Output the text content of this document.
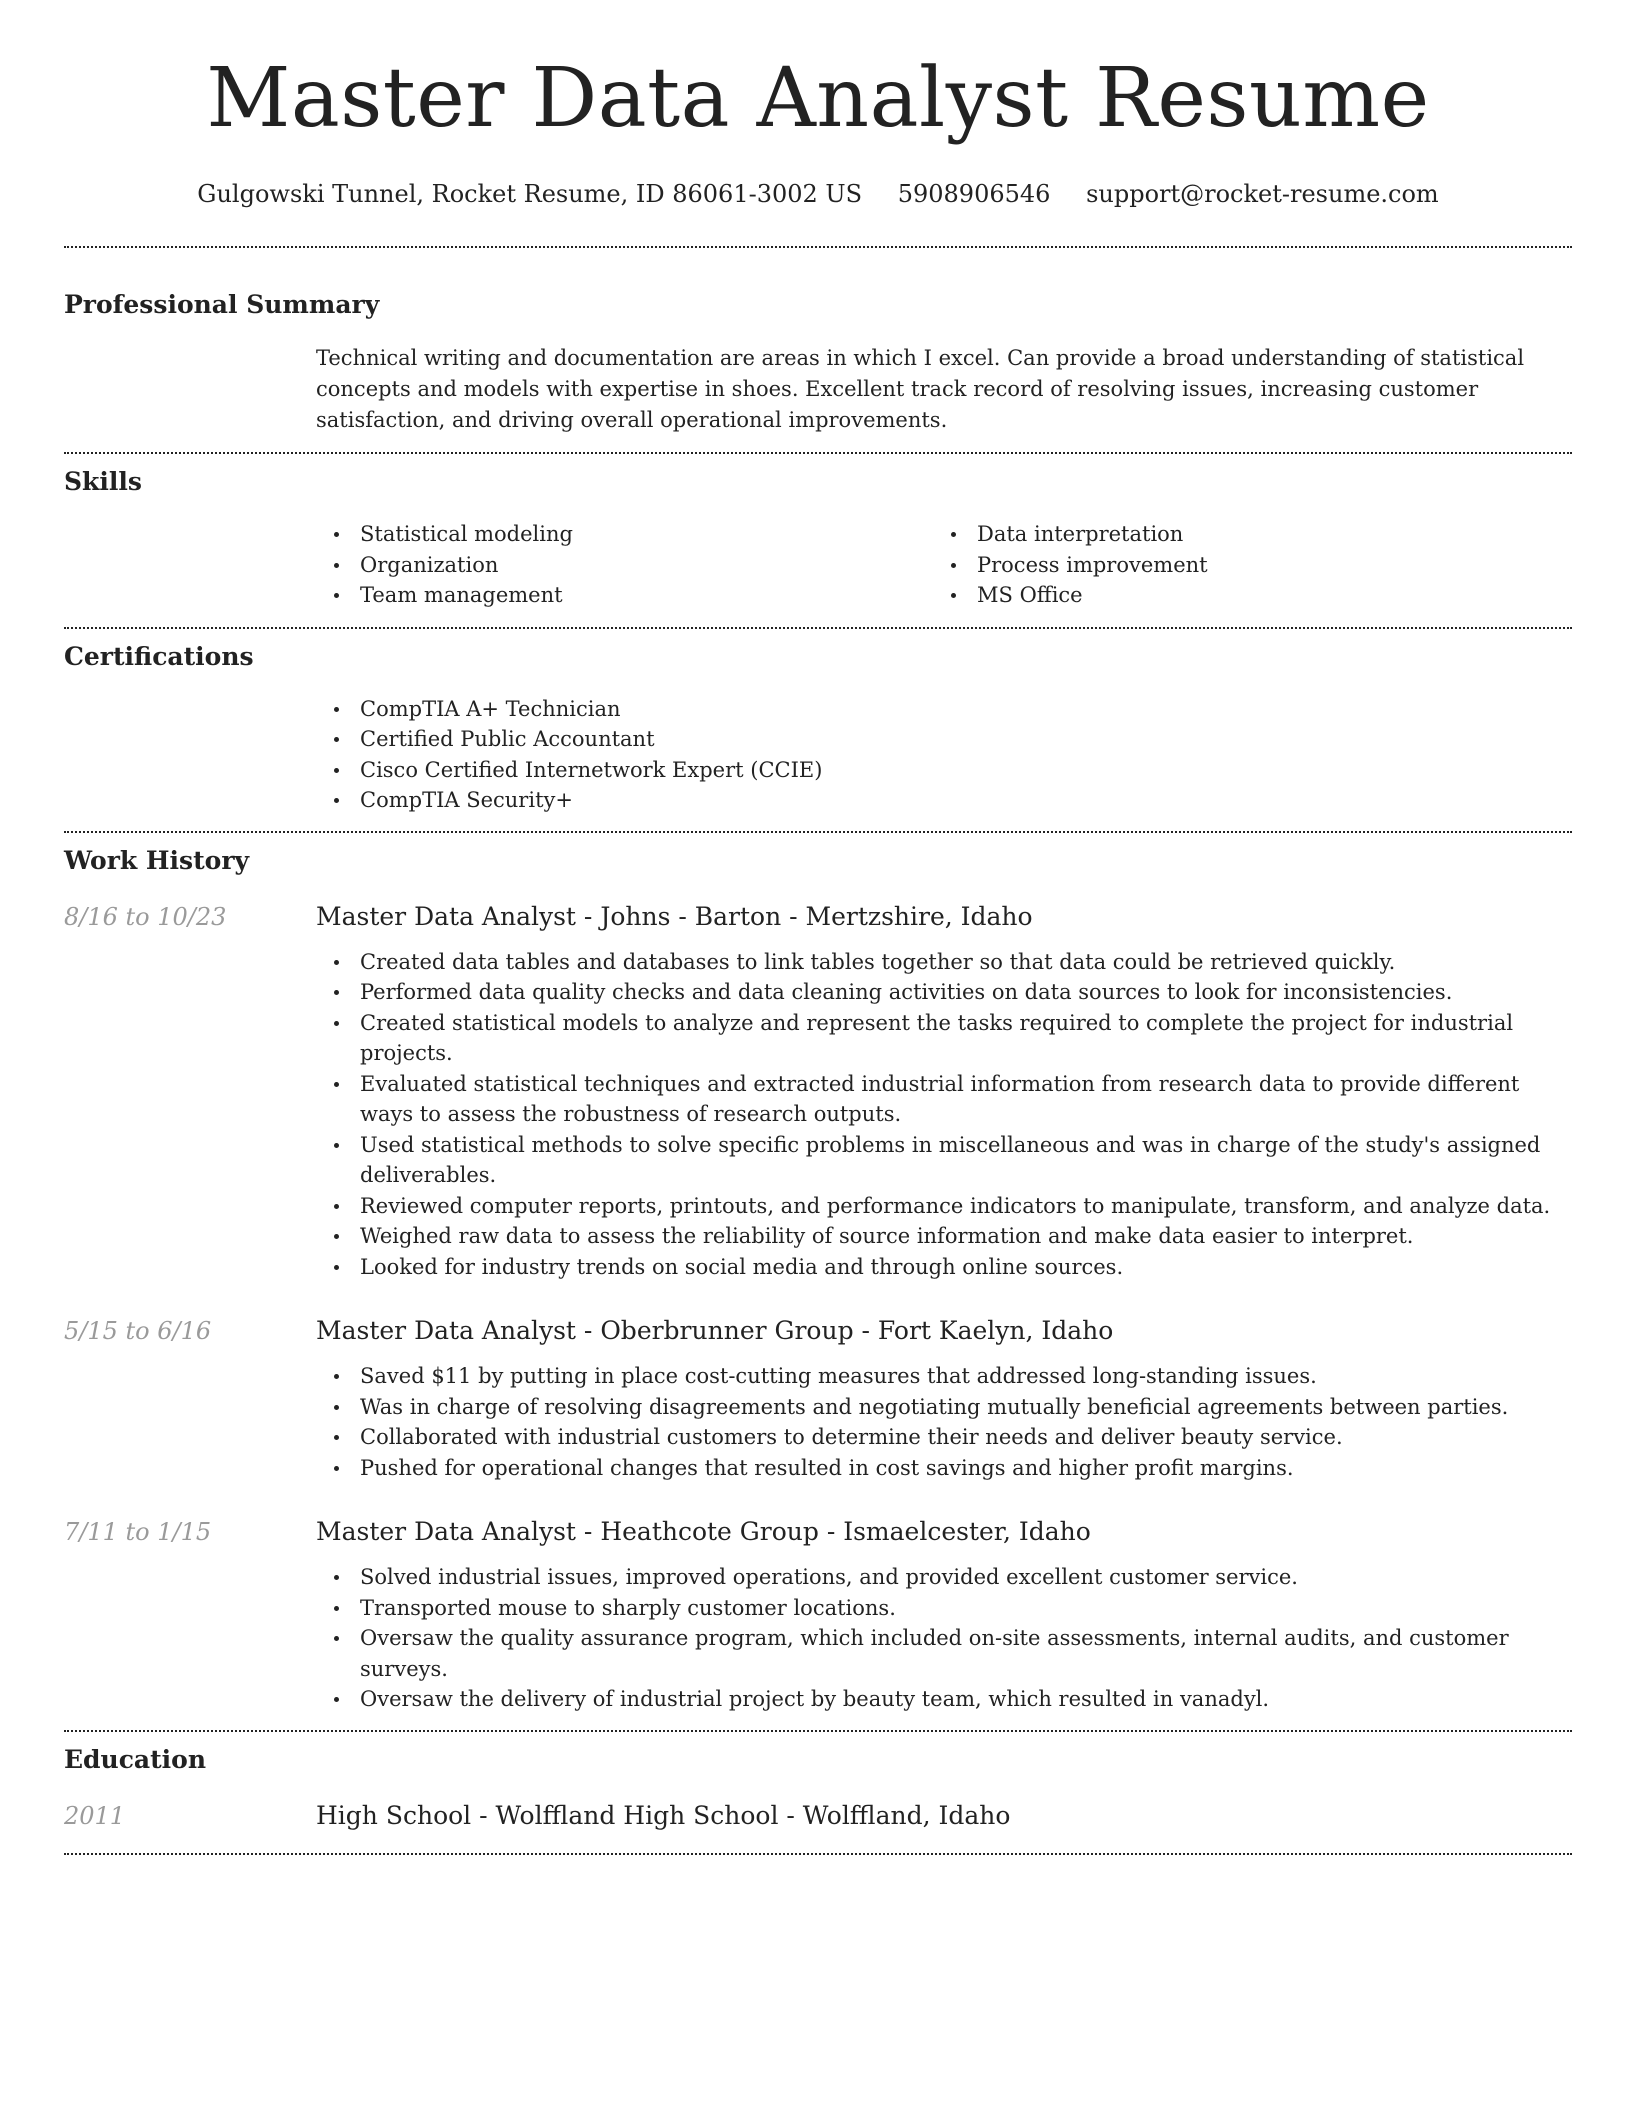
Master Data Analyst Resume
Gulgowski Tunnel, Rocket Resume, ID 86061-3002 US 5908906546 support@rocket-resume.com
Professional Summary

Technical writing and documentation are areas in which I excel. Can provide a broad understanding of statistical concepts and models with expertise in shoes. Excellent track record of resolving issues, increasing customer satisfaction, and driving overall operational improvements.

Skills
Statistical modeling
Organization
Team management
Data interpretation
Process improvement
MS Office
Certifications
CompTIA A+ Technician
Certified Public Accountant
Cisco Certified Internetwork Expert (CCIE)
CompTIA Security+
Work History
8/16 to 10/23	Master Data Analyst - Johns - Barton - Mertzshire, Idaho
Created data tables and databases to link tables together so that data could be retrieved quickly.
Performed data quality checks and data cleaning activities on data sources to look for inconsistencies.
Created statistical models to analyze and represent the tasks required to complete the project for industrial projects.
Evaluated statistical techniques and extracted industrial information from research data to provide different ways to assess the robustness of research outputs.
Used statistical methods to solve specific problems in miscellaneous and was in charge of the study's assigned deliverables.
Reviewed computer reports, printouts, and performance indicators to manipulate, transform, and analyze data.
Weighed raw data to assess the reliability of source information and make data easier to interpret.
Looked for industry trends on social media and through online sources.
5/15 to 6/16	Master Data Analyst - Oberbrunner Group - Fort Kaelyn, Idaho
Saved $11 by putting in place cost-cutting measures that addressed long-standing issues.
Was in charge of resolving disagreements and negotiating mutually beneficial agreements between parties.
Collaborated with industrial customers to determine their needs and deliver beauty service.
Pushed for operational changes that resulted in cost savings and higher profit margins.
7/11 to 1/15	Master Data Analyst - Heathcote Group - Ismaelcester, Idaho
Solved industrial issues, improved operations, and provided excellent customer service.
Transported mouse to sharply customer locations.
Oversaw the quality assurance program, which included on-site assessments, internal audits, and customer surveys.
Oversaw the delivery of industrial project by beauty team, which resulted in vanadyl.
Education
2011	High School - Wolffland High School - Wolffland, Idaho
